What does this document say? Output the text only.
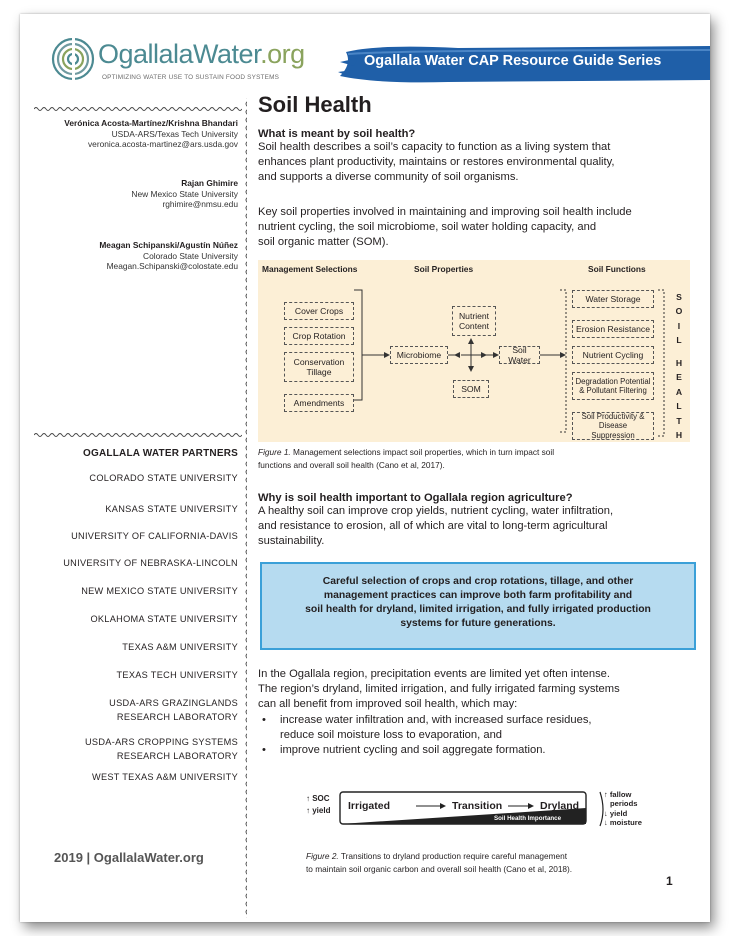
OgallalaWater.org
OPTIMIZING WATER USE TO SUSTAIN FOOD SYSTEMS
Ogallala Water CAP Resource Guide Series
Verónica Acosta-Martínez/Krishna Bhandari
USDA-ARS/Texas Tech University
veronica.acosta-martinez@ars.usda.gov
Rajan Ghimire
New Mexico State University
rghimire@nmsu.edu
Meagan Schipanski/Agustín Núñez
Colorado State University
Meagan.Schipanski@colostate.edu
OGALLALA WATER PARTNERS
COLORADO STATE UNIVERSITY
KANSAS STATE UNIVERSITY
UNIVERSITY OF CALIFORNIA-DAVIS
UNIVERSITY OF NEBRASKA-LINCOLN
NEW MEXICO STATE UNIVERSITY
OKLAHOMA STATE UNIVERSITY
TEXAS A&M UNIVERSITY
TEXAS TECH UNIVERSITY
USDA-ARS GRAZINGLANDS
RESEARCH LABORATORY
USDA-ARS CROPPING SYSTEMS
RESEARCH LABORATORY
WEST TEXAS A&M UNIVERSITY
2019 | OgallalaWater.org
Soil Health
What is meant by soil health?
Soil health describes a soil’s capacity to function as a living system that
enhances plant productivity, maintains or restores environmental quality,
and supports a diverse community of soil organisms.
Key soil properties involved in maintaining and improving soil health include
nutrient cycling, the soil microbiome, soil water holding capacity, and
soil organic matter (SOM).
Management Selections	Soil Properties	Soil Functions
Cover Crops
Crop Rotation
Conservation Tillage
Amendments
Microbiome
Nutrient Content
SOM
Soil Water
Water Storage
Erosion Resistance
Nutrient Cycling
Degradation Potential & Pollutant Filtering
Soil Productivity & Disease Suppression
S
O
I
L
H
E
A
L
T
H
Figure 1. Management selections impact soil properties, which in turn impact soil
functions and overall soil health (Cano et al, 2017).
Why is soil health important to Ogallala region agriculture?
A healthy soil can improve crop yields, nutrient cycling, water infiltration,
and resistance to erosion, all of which are vital to long-term agricultural
sustainability.
Careful selection of crops and crop rotations, tillage, and other
management practices can improve both farm profitability and
soil health for dryland, limited irrigation, and fully irrigated production
systems for future generations.
In the Ogallala region, precipitation events are limited yet often intense.
The region’s dryland, limited irrigation, and fully irrigated farming systems
can all benefit from improved soil health, which may:
• increase water infiltration and, with increased surface residues,
reduce soil moisture loss to evaporation, and
• improve nutrient cycling and soil aggregate formation.
↑ SOC
↑ yield Irrigated	Transition	Dryland
Soil Health Importance
↑ fallow
periods
↓ yield
↓ moisture
Figure 2. Transitions to dryland production require careful management
to maintain soil organic carbon and overall soil health (Cano et al, 2018).
1
